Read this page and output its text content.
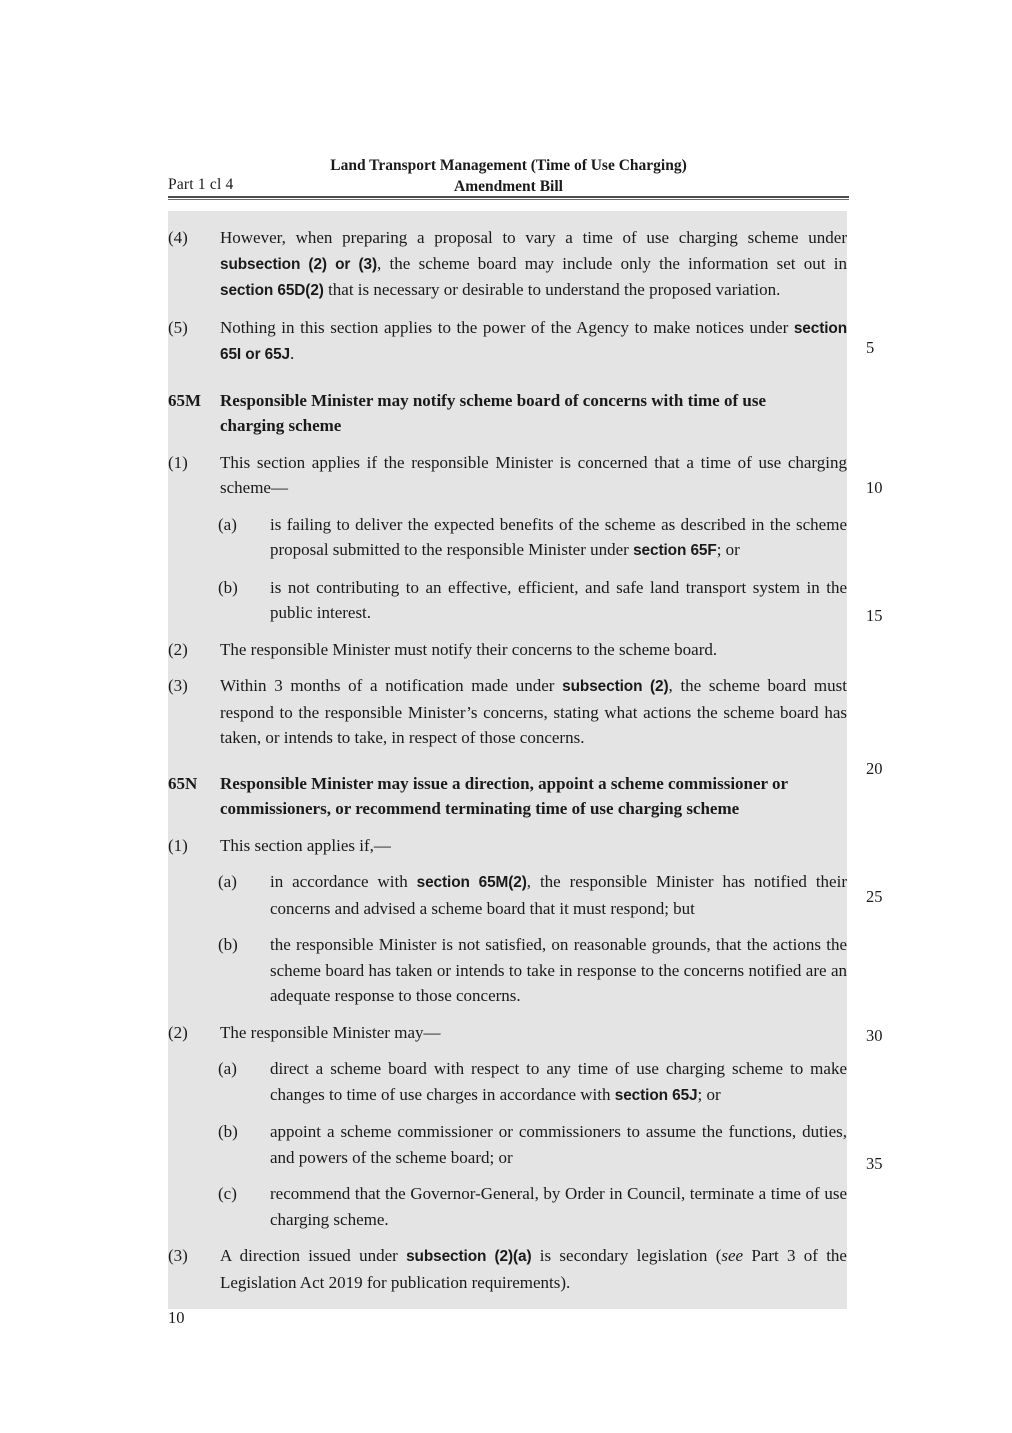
Part 1 cl 4
Land Transport Management (Time of Use Charging)
Amendment Bill
(4)	However, when preparing a proposal to vary a time of use charging scheme under subsection (2) or (3), the scheme board may include only the information set out in section 65D(2) that is necessary or desirable to understand the proposed variation.
(5)	Nothing in this section applies to the power of the Agency to make notices under section 65I or 65J.
65M	Responsible Minister may notify scheme board of concerns with time of use charging scheme
(1)	This section applies if the responsible Minister is concerned that a time of use charging scheme—
(a)	is failing to deliver the expected benefits of the scheme as described in the scheme proposal submitted to the responsible Minister under section 65F; or
(b)	is not contributing to an effective, efficient, and safe land transport system in the public interest.
(2)	The responsible Minister must notify their concerns to the scheme board.
(3)	Within 3 months of a notification made under subsection (2), the scheme board must respond to the responsible Minister’s concerns, stating what actions the scheme board has taken, or intends to take, in respect of those concerns.
65N	Responsible Minister may issue a direction, appoint a scheme commissioner or commissioners, or recommend terminating time of use charging scheme
(1)	This section applies if,—
(a)	in accordance with section 65M(2), the responsible Minister has notified their concerns and advised a scheme board that it must respond; but
(b)	the responsible Minister is not satisfied, on reasonable grounds, that the actions the scheme board has taken or intends to take in response to the concerns notified are an adequate response to those concerns.
(2)	The responsible Minister may—
(a)	direct a scheme board with respect to any time of use charging scheme to make changes to time of use charges in accordance with section 65J; or
(b)	appoint a scheme commissioner or commissioners to assume the functions, duties, and powers of the scheme board; or
(c)	recommend that the Governor-General, by Order in Council, terminate a time of use charging scheme.
(3)	A direction issued under subsection (2)(a) is secondary legislation (see Part 3 of the Legislation Act 2019 for publication requirements).
5
10
15
20
25
30
35
10
